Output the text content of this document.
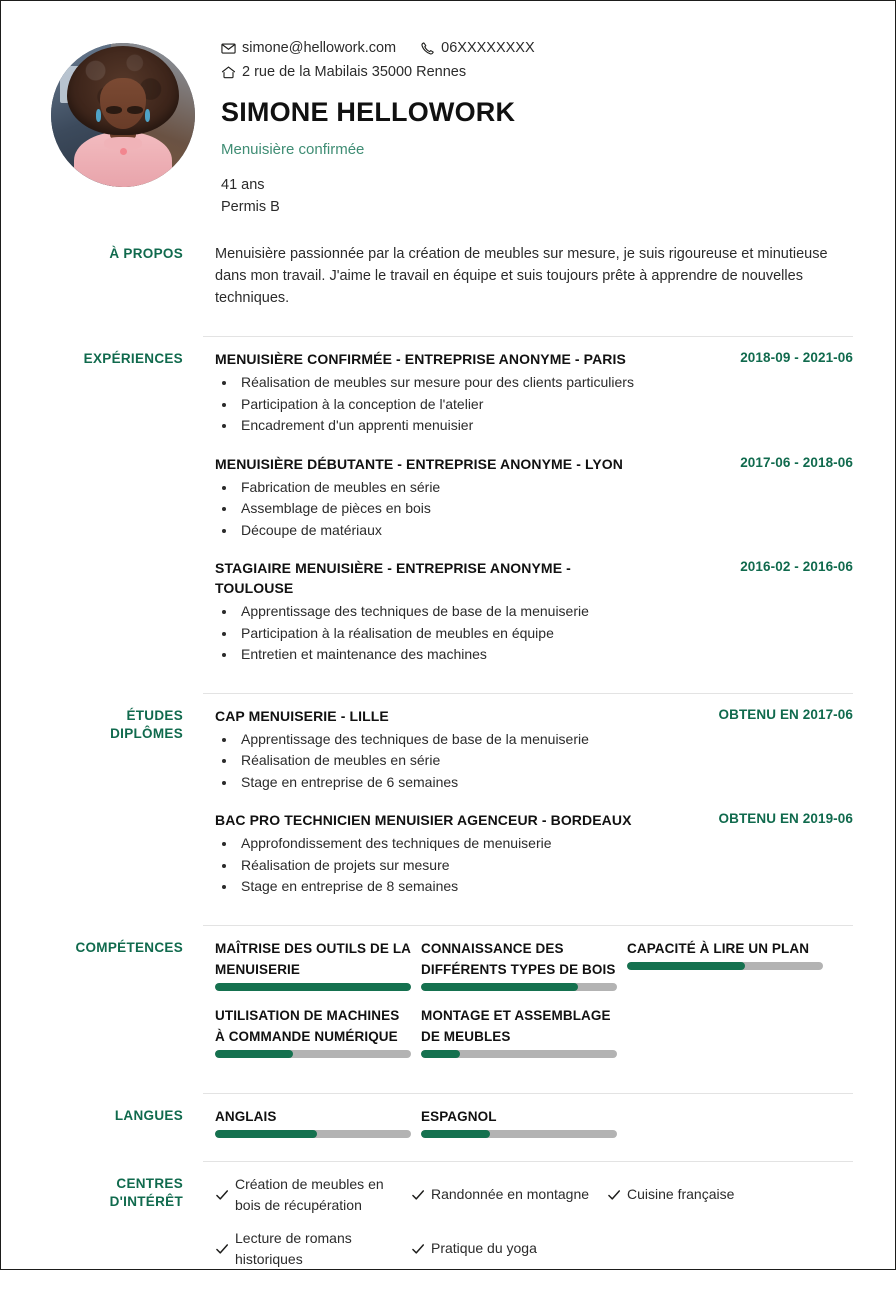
simone@hellowork.com	06XXXXXXXX
2 rue de la Mabilais 35000 Rennes
SIMONE HELLOWORK
Menuisière confirmée
41 ans
Permis B
À PROPOS	Menuisière passionnée par la création de meubles sur mesure, je suis rigoureuse et minutieuse dans mon travail. J'aime le travail en équipe et suis toujours prête à apprendre de nouvelles techniques.

EXPÉRIENCES	MENUISIÈRE CONFIRMÉE - ENTREPRISE ANONYME - PARIS	2018-09 - 2021-06
• Réalisation de meubles sur mesure pour des clients particuliers
• Participation à la conception de l'atelier
• Encadrement d'un apprenti menuisier
MENUISIÈRE DÉBUTANTE - ENTREPRISE ANONYME - LYON	2017-06 - 2018-06
• Fabrication de meubles en série
• Assemblage de pièces en bois
• Découpe de matériaux
STAGIAIRE MENUISIÈRE - ENTREPRISE ANONYME - TOULOUSE
2016-02 - 2016-06
• Apprentissage des techniques de base de la menuiserie
• Participation à la réalisation de meubles en équipe
• Entretien et maintenance des machines
ÉTUDES
DIPLÔMES
CAP MENUISERIE - LILLE	OBTENU EN 2017-06
• Apprentissage des techniques de base de la menuiserie
• Réalisation de meubles en série
• Stage en entreprise de 6 semaines
BAC PRO TECHNICIEN MENUISIER AGENCEUR - BORDEAUX	OBTENU EN 2019-06
• Approfondissement des techniques de menuiserie
• Réalisation de projets sur mesure
• Stage en entreprise de 8 semaines
COMPÉTENCES	MAÎTRISE DES OUTILS DE LA MENUISERIE
CONNAISSANCE DES DIFFÉRENTS TYPES DE BOIS
CAPACITÉ À LIRE UN PLAN
UTILISATION DE MACHINES À COMMANDE NUMÉRIQUE
MONTAGE ET ASSEMBLAGE DE MEUBLES
LANGUES	ANGLAIS	ESPAGNOL
CENTRES
D'INTÉRÊT
Création de meubles en bois de récupération
Randonnée en montagne	Cuisine française
Lecture de romans historiques
Pratique du yoga
